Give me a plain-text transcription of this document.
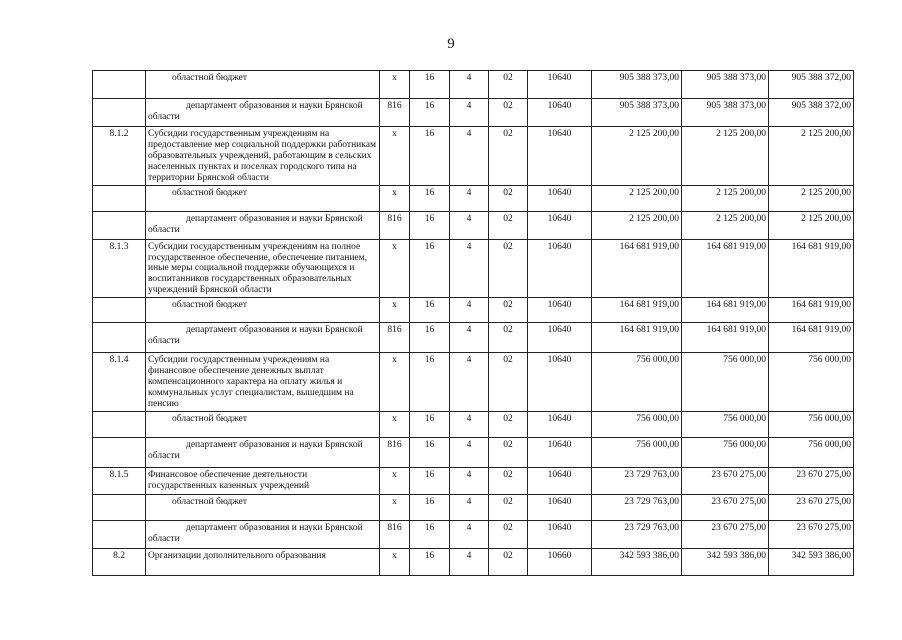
9

	областной бюджет	x	16	4	02	10640	905 388 373,00	905 388 373,00	905 388 372,00

	департамент образования и науки Брянской области	816	16	4	02	10640	905 388 373,00	905 388 373,00	905 388 372,00
8.1.2	Субсидии государственным учреждениям на предоставление мер социальной поддержки работникам образовательных учреждений, работающим в сельских населенных пунктах и поселках городского типа на территории Брянской области	x	16	4	02	10640	2 125 200,00	2 125 200,00	2 125 200,00

	областной бюджет	x	16	4	02	10640	2 125 200,00	2 125 200,00	2 125 200,00

	департамент образования и науки Брянской области	816	16	4	02	10640	2 125 200,00	2 125 200,00	2 125 200,00
8.1.3	Субсидии государственным учреждениям на полное государственное обеспечение, обеспечение питанием, иные меры социальной поддержки обучающихся и воспитанников государственных образовательных учреждений Брянской области	x	16	4	02	10640	164 681 919,00	164 681 919,00	164 681 919,00

	областной бюджет	x	16	4	02	10640	164 681 919,00	164 681 919,00	164 681 919,00

	департамент образования и науки Брянской области	816	16	4	02	10640	164 681 919,00	164 681 919,00	164 681 919,00
8.1.4	Субсидии государственным учреждениям на финансовое обеспечение денежных выплат компенсационного характера на оплату жилья и коммунальных услуг специалистам, вышедшим на пенсию	x	16	4	02	10640	756 000,00	756 000,00	756 000,00

	областной бюджет	x	16	4	02	10640	756 000,00	756 000,00	756 000,00

	департамент образования и науки Брянской области	816	16	4	02	10640	756 000,00	756 000,00	756 000,00
8.1.5	Финансовое обеспечение деятельности государственных казенных учреждений	x	16	4	02	10640	23 729 763,00	23 670 275,00	23 670 275,00

	областной бюджет	x	16	4	02	10640	23 729 763,00	23 670 275,00	23 670 275,00

	департамент образования и науки Брянской области	816	16	4	02	10640	23 729 763,00	23 670 275,00	23 670 275,00
8.2	Организации дополнительного образования	x	16	4	02	10660	342 593 386,00	342 593 386,00	342 593 386,00
